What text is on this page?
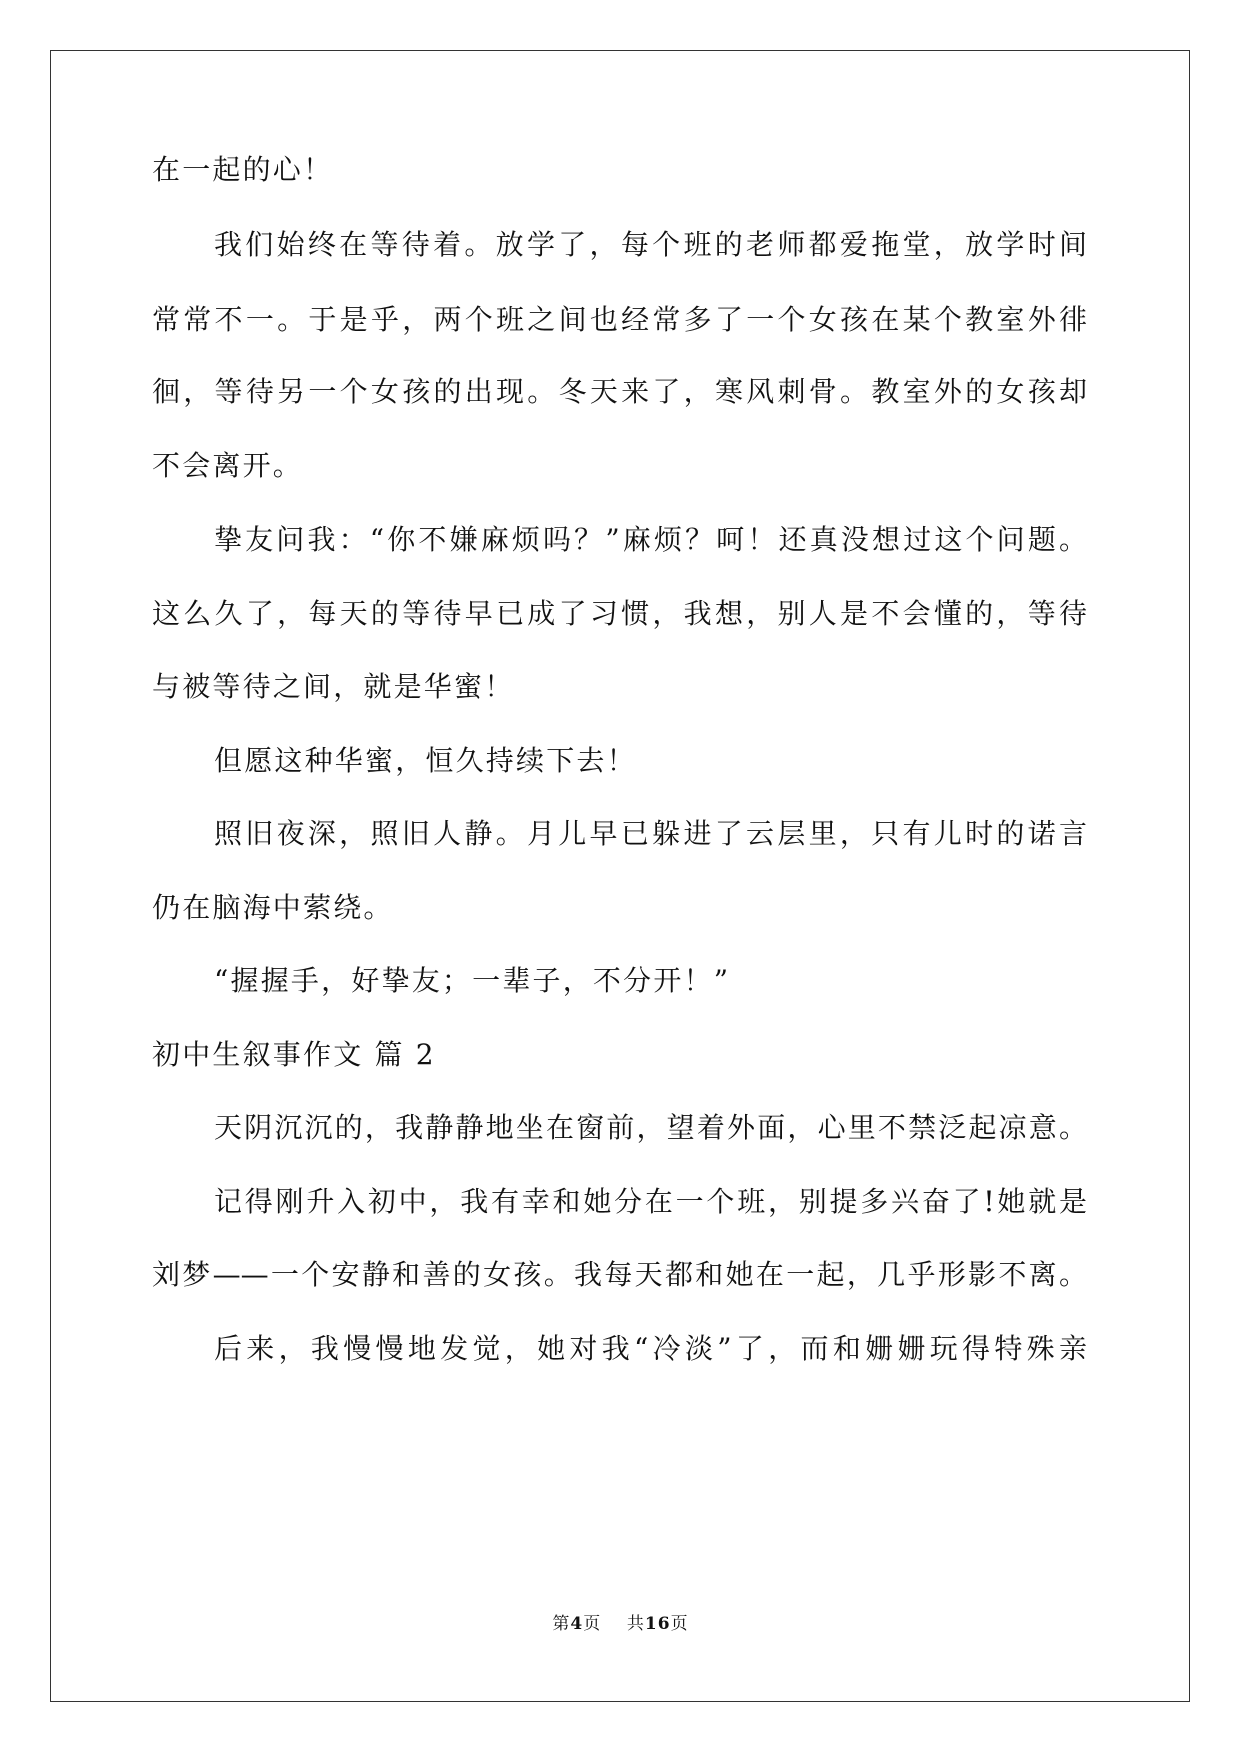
在一起的心！
我们始终在等待着。放学了，每个班的老师都爱拖堂，放学时间
常常不一。于是乎，两个班之间也经常多了一个女孩在某个教室外徘
徊，等待另一个女孩的出现。冬天来了，寒风刺骨。教室外的女孩却
不会离开。
挚友问我：“你不嫌麻烦吗？”麻烦？呵！还真没想过这个问题。
这么久了，每天的等待早已成了习惯，我想，别人是不会懂的，等待
与被等待之间，就是华蜜！
但愿这种华蜜，恒久持续下去！
照旧夜深，照旧人静。月儿早已躲进了云层里，只有儿时的诺言
仍在脑海中萦绕。
“握握手，好挚友；一辈子，不分开！”
初中生叙事作文 篇 2
天阴沉沉的，我静静地坐在窗前，望着外面，心里不禁泛起凉意。
记得刚升入初中，我有幸和她分在一个班，别提多兴奋了!她就是
刘梦——一个安静和善的女孩。我每天都和她在一起，几乎形影不离。
后来，我慢慢地发觉，她对我“冷淡”了，而和姗姗玩得特殊亲
第4页 共16页
